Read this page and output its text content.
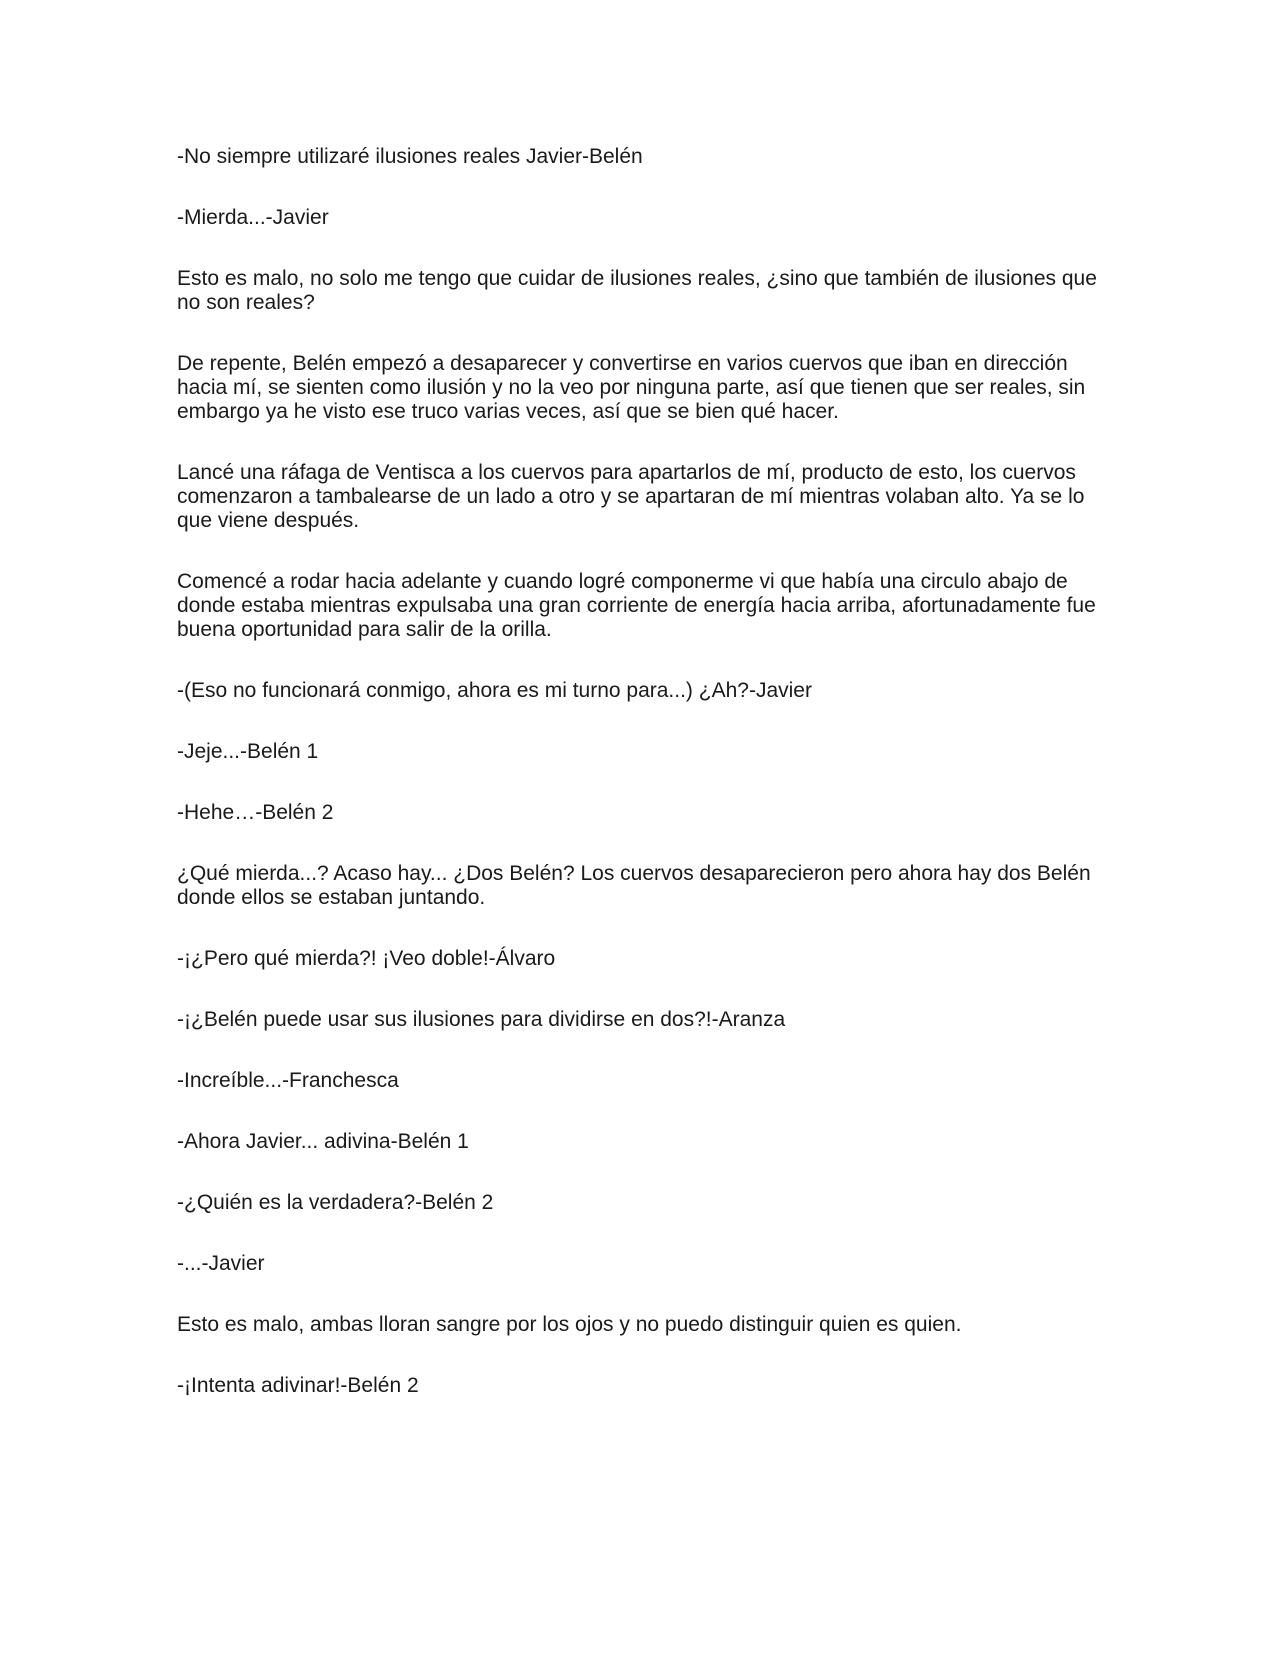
-No siempre utilizaré ilusiones reales Javier-Belén

-Mierda...-Javier

Esto es malo, no solo me tengo que cuidar de ilusiones reales, ¿sino que también de ilusiones que no son reales?

De repente, Belén empezó a desaparecer y convertirse en varios cuervos que iban en dirección hacia mí, se sienten como ilusión y no la veo por ninguna parte, así que tienen que ser reales, sin embargo ya he visto ese truco varias veces, así que se bien qué hacer.

Lancé una ráfaga de Ventisca a los cuervos para apartarlos de mí, producto de esto, los cuervos comenzaron a tambalearse de un lado a otro y se apartaran de mí mientras volaban alto. Ya se lo que viene después.

Comencé a rodar hacia adelante y cuando logré componerme vi que había una circulo abajo de donde estaba mientras expulsaba una gran corriente de energía hacia arriba, afortunadamente fue buena oportunidad para salir de la orilla.

-(Eso no funcionará conmigo, ahora es mi turno para...) ¿Ah?-Javier

-Jeje...-Belén 1

-Hehe…-Belén 2

¿Qué mierda...? Acaso hay... ¿Dos Belén? Los cuervos desaparecieron pero ahora hay dos Belén donde ellos se estaban juntando.

-¡¿Pero qué mierda?! ¡Veo doble!-Álvaro

-¡¿Belén puede usar sus ilusiones para dividirse en dos?!-Aranza

-Increíble...-Franchesca

-Ahora Javier... adivina-Belén 1

-¿Quién es la verdadera?-Belén 2

-...-Javier

Esto es malo, ambas lloran sangre por los ojos y no puedo distinguir quien es quien.

-¡Intenta adivinar!-Belén 2
